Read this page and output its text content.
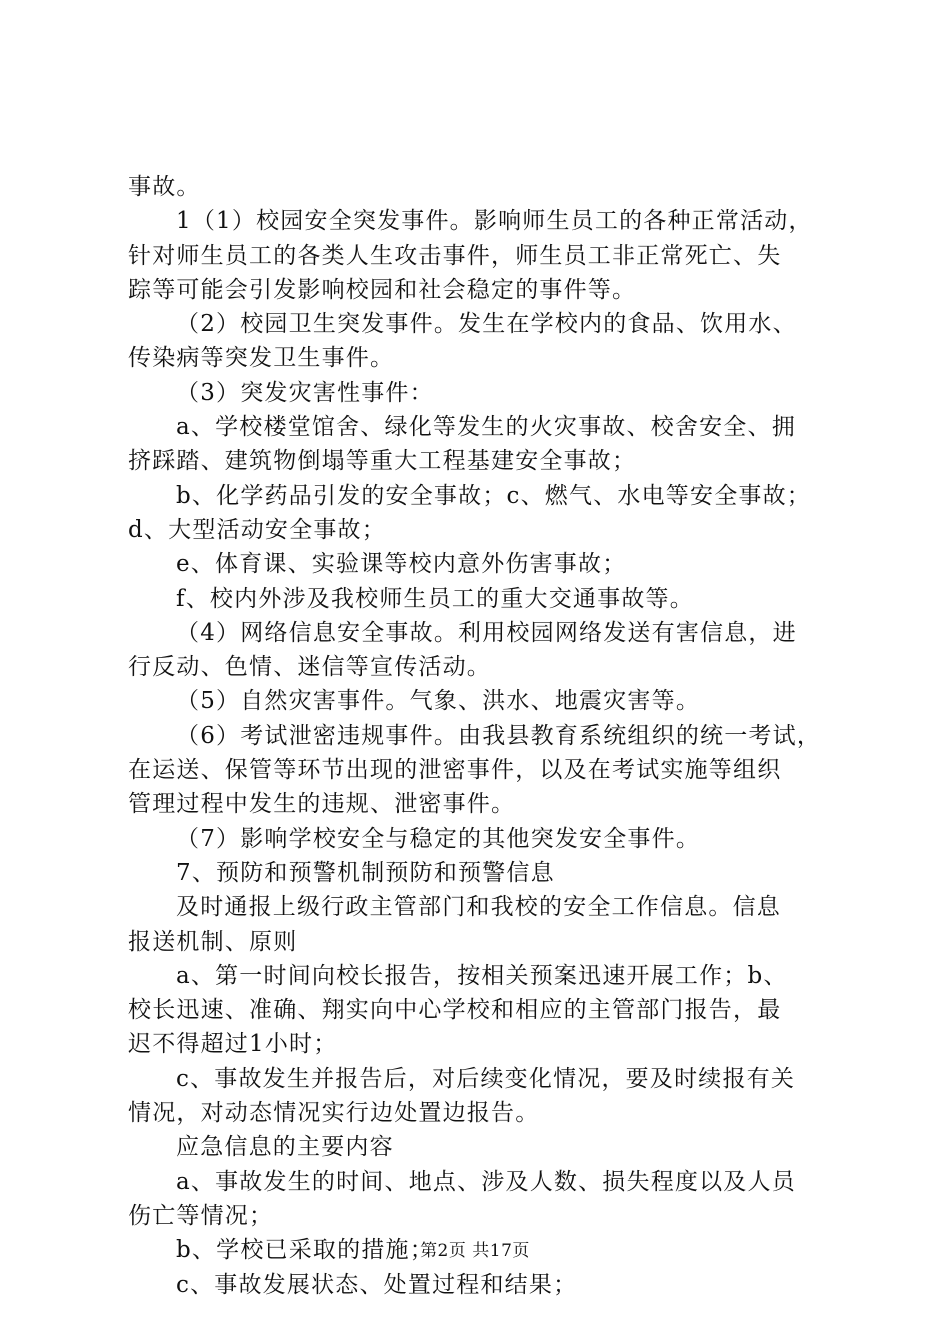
事故。
1（1）校园安全突发事件。影响师生员工的各种正常活动，
针对师生员工的各类人生攻击事件，师生员工非正常死亡、失
踪等可能会引发影响校园和社会稳定的事件等。
（2）校园卫生突发事件。发生在学校内的食品、饮用水、
传染病等突发卫生事件。
（3）突发灾害性事件：
a、学校楼堂馆舍、绿化等发生的火灾事故、校舍安全、拥
挤踩踏、建筑物倒塌等重大工程基建安全事故；
b、化学药品引发的安全事故；c、燃气、水电等安全事故；
d、大型活动安全事故；
e、体育课、实验课等校内意外伤害事故；
f、校内外涉及我校师生员工的重大交通事故等。
（4）网络信息安全事故。利用校园网络发送有害信息，进
行反动、色情、迷信等宣传活动。
（5）自然灾害事件。气象、洪水、地震灾害等。
（6）考试泄密违规事件。由我县教育系统组织的统一考试，
在运送、保管等环节出现的泄密事件，以及在考试实施等组织
管理过程中发生的违规、泄密事件。
（7）影响学校安全与稳定的其他突发安全事件。
7、预防和预警机制预防和预警信息
及时通报上级行政主管部门和我校的安全工作信息。信息
报送机制、原则
a、第一时间向校长报告，按相关预案迅速开展工作；b、
校长迅速、准确、翔实向中心学校和相应的主管部门报告，最
迟不得超过1小时；
c、事故发生并报告后，对后续变化情况，要及时续报有关
情况，对动态情况实行边处置边报告。
应急信息的主要内容
a、事故发生的时间、地点、涉及人数、损失程度以及人员
伤亡等情况；
b、学校已采取的措施；
c、事故发展状态、处置过程和结果；
第2页 共17页
